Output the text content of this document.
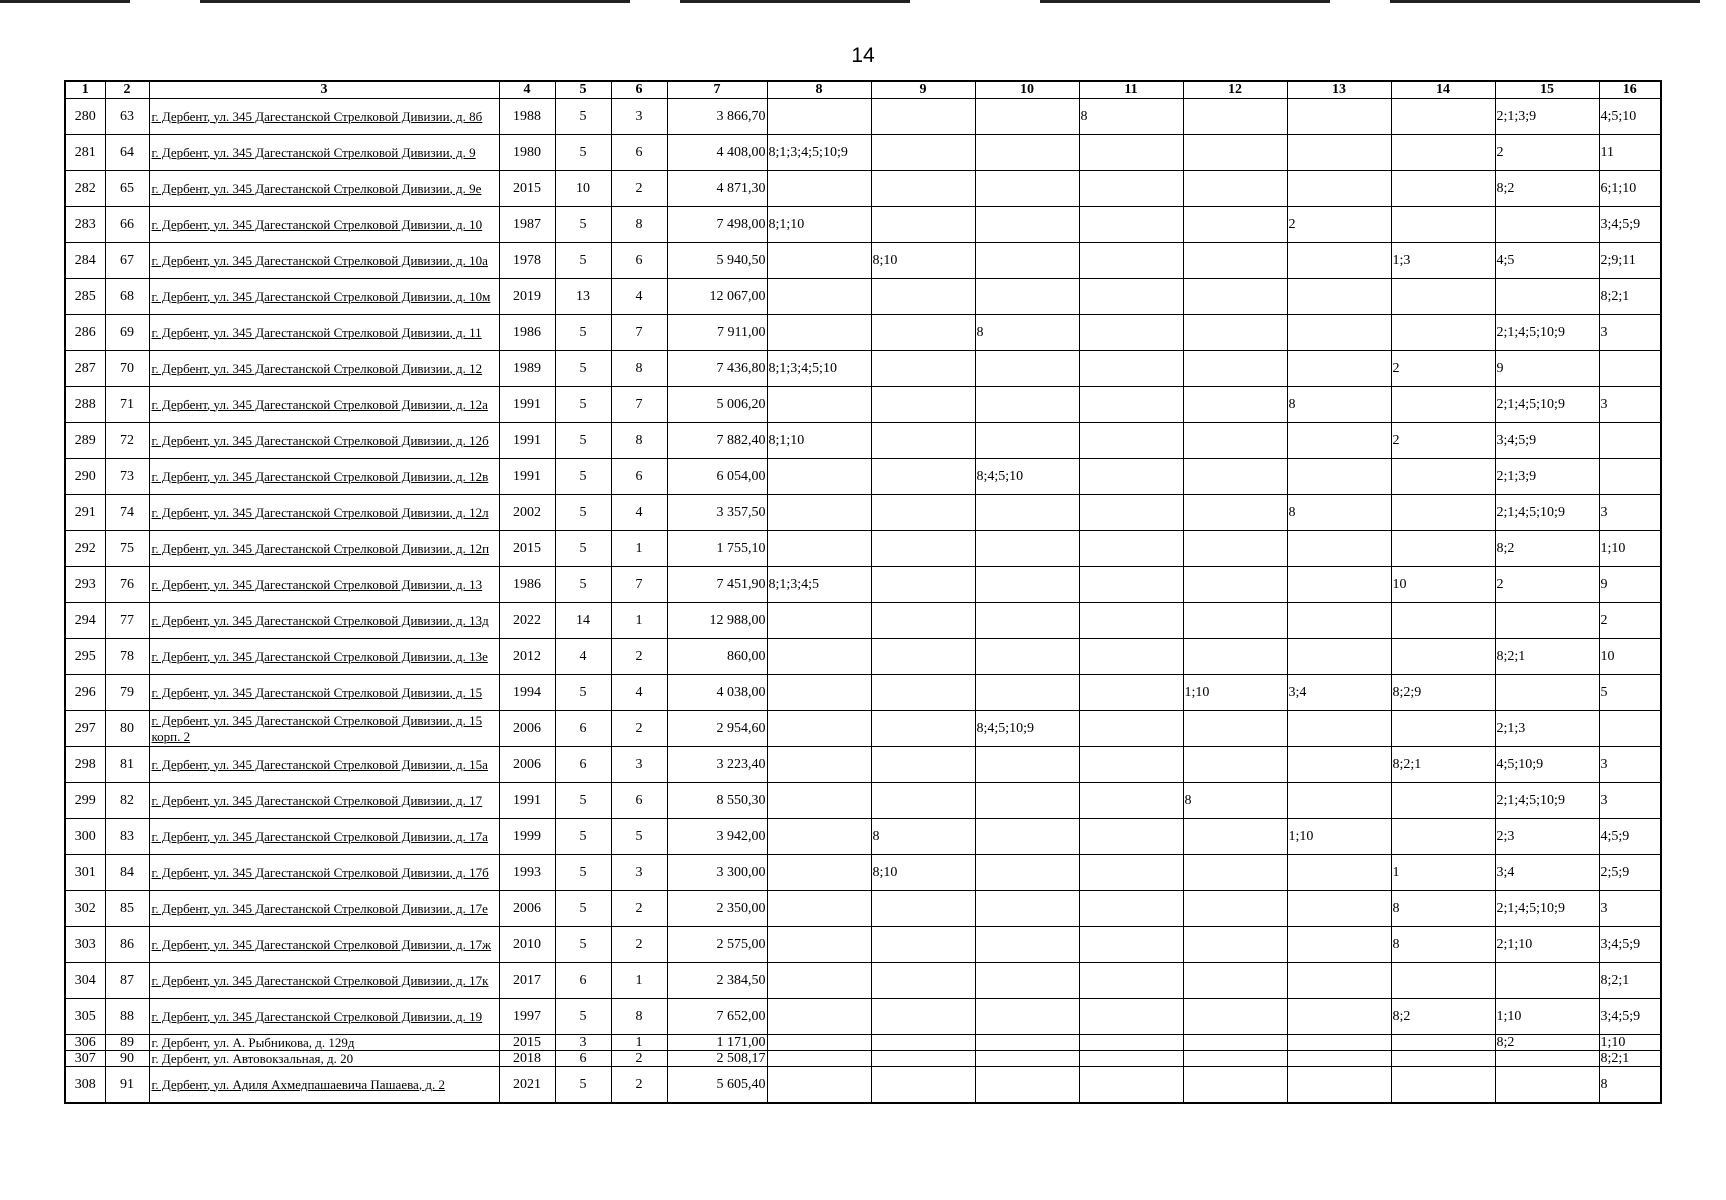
14
1	2	3	4	5	6	7	8	9	10	11	12	13	14	15	16
280	63	г. Дербент, ул. 345 Дагестанской Стрелковой Дивизии, д. 8б	1988	5	3	3 866,70				8				2;1;3;9	4;5;10
281	64	г. Дербент, ул. 345 Дагестанской Стрелковой Дивизии, д. 9	1980	5	6	4 408,00	8;1;3;4;5;10;9							2	11
282	65	г. Дербент, ул. 345 Дагестанской Стрелковой Дивизии, д. 9е	2015	10	2	4 871,30								8;2	6;1;10
283	66	г. Дербент, ул. 345 Дагестанской Стрелковой Дивизии, д. 10	1987	5	8	7 498,00	8;1;10					2			3;4;5;9
284	67	г. Дербент, ул. 345 Дагестанской Стрелковой Дивизии, д. 10а	1978	5	6	5 940,50		8;10					1;3	4;5	2;9;11
285	68	г. Дербент, ул. 345 Дагестанской Стрелковой Дивизии, д. 10м	2019	13	4	12 067,00									8;2;1
286	69	г. Дербент, ул. 345 Дагестанской Стрелковой Дивизии, д. 11	1986	5	7	7 911,00			8					2;1;4;5;10;9	3
287	70	г. Дербент, ул. 345 Дагестанской Стрелковой Дивизии, д. 12	1989	5	8	7 436,80	8;1;3;4;5;10						2	9	
288	71	г. Дербент, ул. 345 Дагестанской Стрелковой Дивизии, д. 12а	1991	5	7	5 006,20						8		2;1;4;5;10;9	3
289	72	г. Дербент, ул. 345 Дагестанской Стрелковой Дивизии, д. 12б	1991	5	8	7 882,40	8;1;10						2	3;4;5;9	
290	73	г. Дербент, ул. 345 Дагестанской Стрелковой Дивизии, д. 12в	1991	5	6	6 054,00			8;4;5;10					2;1;3;9	
291	74	г. Дербент, ул. 345 Дагестанской Стрелковой Дивизии, д. 12л	2002	5	4	3 357,50						8		2;1;4;5;10;9	3
292	75	г. Дербент, ул. 345 Дагестанской Стрелковой Дивизии, д. 12п	2015	5	1	1 755,10								8;2	1;10
293	76	г. Дербент, ул. 345 Дагестанской Стрелковой Дивизии, д. 13	1986	5	7	7 451,90	8;1;3;4;5						10	2	9
294	77	г. Дербент, ул. 345 Дагестанской Стрелковой Дивизии, д. 13д	2022	14	1	12 988,00									2
295	78	г. Дербент, ул. 345 Дагестанской Стрелковой Дивизии, д. 13е	2012	4	2	860,00								8;2;1	10
296	79	г. Дербент, ул. 345 Дагестанской Стрелковой Дивизии, д. 15	1994	5	4	4 038,00					1;10	3;4	8;2;9		5
297	80	г. Дербент, ул. 345 Дагестанской Стрелковой Дивизии, д. 15 корп. 2	2006	6	2	2 954,60			8;4;5;10;9					2;1;3	
298	81	г. Дербент, ул. 345 Дагестанской Стрелковой Дивизии, д. 15а	2006	6	3	3 223,40							8;2;1	4;5;10;9	3
299	82	г. Дербент, ул. 345 Дагестанской Стрелковой Дивизии, д. 17	1991	5	6	8 550,30					8			2;1;4;5;10;9	3
300	83	г. Дербент, ул. 345 Дагестанской Стрелковой Дивизии, д. 17а	1999	5	5	3 942,00		8				1;10		2;3	4;5;9
301	84	г. Дербент, ул. 345 Дагестанской Стрелковой Дивизии, д. 17б	1993	5	3	3 300,00		8;10					1	3;4	2;5;9
302	85	г. Дербент, ул. 345 Дагестанской Стрелковой Дивизии, д. 17е	2006	5	2	2 350,00							8	2;1;4;5;10;9	3
303	86	г. Дербент, ул. 345 Дагестанской Стрелковой Дивизии, д. 17ж	2010	5	2	2 575,00							8	2;1;10	3;4;5;9
304	87	г. Дербент, ул. 345 Дагестанской Стрелковой Дивизии, д. 17к	2017	6	1	2 384,50									8;2;1
305	88	г. Дербент, ул. 345 Дагестанской Стрелковой Дивизии, д. 19	1997	5	8	7 652,00							8;2	1;10	3;4;5;9
306	89	г. Дербент, ул. А. Рыбникова, д. 129д	2015	3	1	1 171,00								8;2	1;10
307	90	г. Дербент, ул. Автовокзальная, д. 20	2018	6	2	2 508,17									8;2;1
308	91	г. Дербент, ул. Адиля Ахмедпашаевича Пашаева, д. 2	2021	5	2	5 605,40									8
